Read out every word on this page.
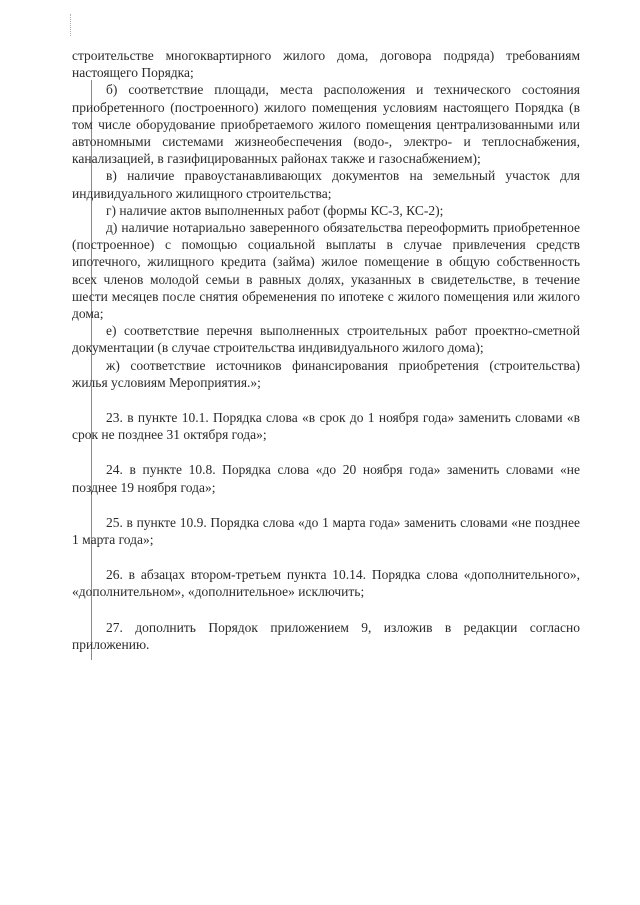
строительстве многоквартирного жилого дома, договора подряда) требованиям настоящего Порядка;

б) соответствие площади, места расположения и технического состояния приобретенного (построенного) жилого помещения условиям настоящего Порядка (в том числе оборудование приобретаемого жилого помещения централизованными или автономными системами жизнеобеспечения (водо-, электро- и теплоснабжения, канализацией, в газифицированных районах также и газоснабжением);

в) наличие правоустанавливающих документов на земельный участок для индивидуального жилищного строительства;

г) наличие актов выполненных работ (формы КС-3, КС-2);

д) наличие нотариально заверенного обязательства переоформить приобретенное (построенное) с помощью социальной выплаты в случае привлечения средств ипотечного, жилищного кредита (займа) жилое помещение в общую собственность всех членов молодой семьи в равных долях, указанных в свидетельстве, в течение шести месяцев после снятия обременения по ипотеке с жилого помещения или жилого дома;

е) соответствие перечня выполненных строительных работ проектно-сметной документации (в случае строительства индивидуального жилого дома);

ж) соответствие источников финансирования приобретения (строительства) жилья условиям Мероприятия.»;

23. в пункте 10.1. Порядка слова «в срок до 1 ноября года» заменить словами «в срок не позднее 31 октября года»;

24. в пункте 10.8. Порядка слова «до 20 ноября года» заменить словами «не позднее 19 ноября года»;

25. в пункте 10.9. Порядка слова «до 1 марта года» заменить словами «не позднее 1 марта года»;

26. в абзацах втором-третьем пункта 10.14. Порядка слова «дополнительного», «дополнительном», «дополнительное» исключить;

27. дополнить Порядок приложением 9, изложив в редакции согласно приложению.
